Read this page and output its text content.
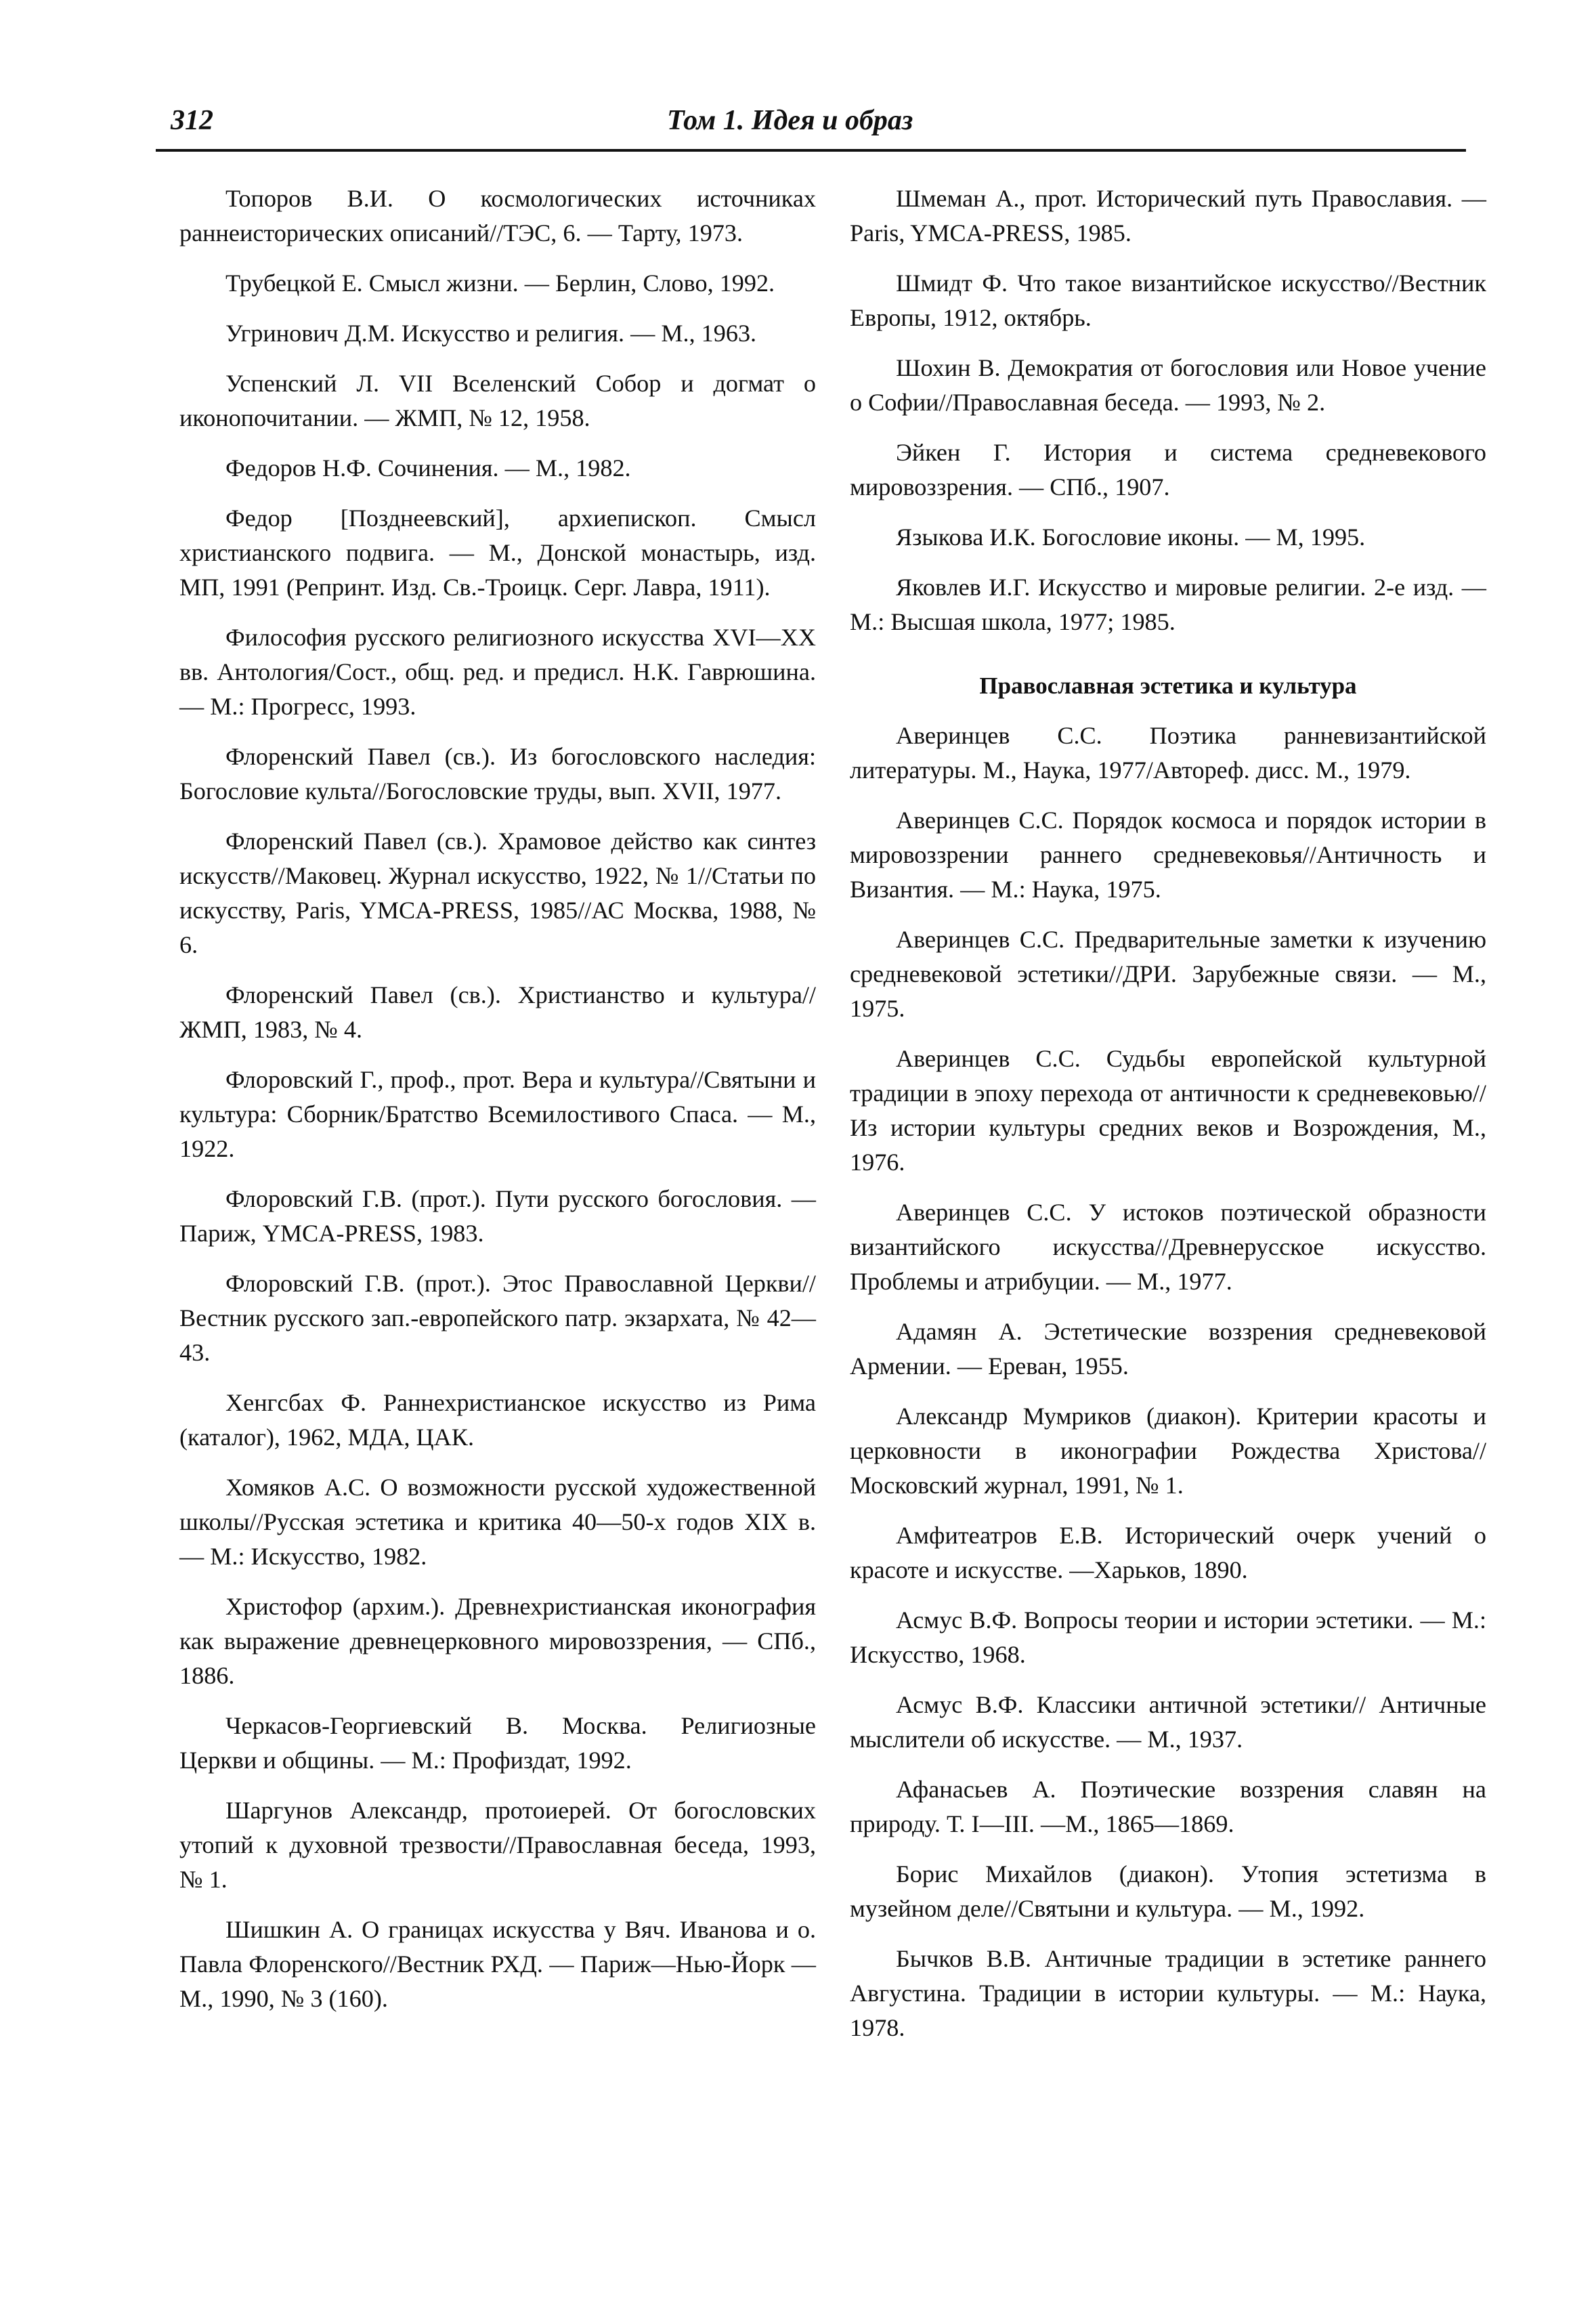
312	Том 1. Идея и образ

Топоров В.И. О космологических источниках раннеисторических описаний//ТЭС, 6. — Тарту, 1973.

Трубецкой Е. Смысл жизни. — Берлин, Слово, 1992.

Угринович Д.М. Искусство и религия. — М., 1963.

Успенский Л. VII Вселенский Собор и догмат о иконопочитании. — ЖМП, № 12, 1958.

Федоров Н.Ф. Сочинения. — М., 1982.

Федор [Позднеевский], архиепископ. Смысл христианского подвига. — М., Донской монастырь, изд. МП, 1991 (Репринт. Изд. Св.-Троицк. Серг. Лавра, 1911).

Философия русского религиозного искусства XVI—XX вв. Антология/Сост., общ. ред. и предисл. Н.К. Гаврюшина. — М.: Прогресс, 1993.

Флоренский Павел (св.). Из богословского наследия: Богословие культа//Богословские труды, вып. XVII, 1977.

Флоренский Павел (св.). Храмовое действо как синтез искусств//Маковец. Журнал искусство, 1922, № 1//Статьи по искусству, Paris, YMCA-PRESS, 1985//АС Москва, 1988, № 6.

Флоренский Павел (св.). Христианство и культура//ЖМП, 1983, № 4.

Флоровский Г., проф., прот. Вера и культура//Святыни и культура: Сборник/Братство Всемилостивого Спаса. — М., 1922.

Флоровский Г.В. (прот.). Пути русского богословия. — Париж, YMCA-PRESS, 1983.

Флоровский Г.В. (прот.). Этос Православной Церкви//Вестник русского зап.-европейского патр. экзархата, № 42—43.

Хенгсбах Ф. Раннехристианское искусство из Рима (каталог), 1962, МДА, ЦАК.

Хомяков А.С. О возможности русской художественной школы//Русская эстетика и критика 40—50-х годов XIX в. — М.: Искусство, 1982.

Христофор (архим.). Древнехристианская иконография как выражение древнецерковного мировоззрения, — СПб., 1886.

Черкасов-Георгиевский В. Москва. Религиозные Церкви и общины. — М.: Профиздат, 1992.

Шаргунов Александр, протоиерей. От богословских утопий к духовной трезвости//Православная беседа, 1993, № 1.

Шишкин А. О границах искусства у Вяч. Иванова и о. Павла Флоренского//Вестник РХД. — Париж—Нью-Йорк — М., 1990, № 3 (160).

Шмеман А., прот. Исторический путь Православия. — Paris, YMCA-PRESS, 1985.

Шмидт Ф. Что такое византийское искусство//Вестник Европы, 1912, октябрь.

Шохин В. Демократия от богословия или Новое учение о Софии//Православная беседа. — 1993, № 2.

Эйкен Г. История и система средневекового мировоззрения. — СПб., 1907.

Языкова И.К. Богословие иконы. — М, 1995.

Яковлев И.Г. Искусство и мировые религии. 2-е изд. — М.: Высшая школа, 1977; 1985.

Православная эстетика и культура

Аверинцев С.С. Поэтика ранневизантийской литературы. М., Наука, 1977/Автореф. дисс. М., 1979.

Аверинцев С.С. Порядок космоса и порядок истории в мировоззрении раннего средневековья//Античность и Византия. — М.: Наука, 1975.

Аверинцев С.С. Предварительные заметки к изучению средневековой эстетики//ДРИ. Зарубежные связи. — М., 1975.

Аверинцев С.С. Судьбы европейской культурной традиции в эпоху перехода от античности к средневековью//Из истории культуры средних веков и Возрождения, М., 1976.

Аверинцев С.С. У истоков поэтической образности византийского искусства//Древнерусское искусство. Проблемы и атрибуции. — М., 1977.

Адамян А. Эстетические воззрения средневековой Армении. — Ереван, 1955.

Александр Мумриков (диакон). Критерии красоты и церковности в иконографии Рождества Христова//Московский журнал, 1991, № 1.

Амфитеатров Е.В. Исторический очерк учений о красоте и искусстве. —Харьков, 1890.

Асмус В.Ф. Вопросы теории и истории эстетики. — М.: Искусство, 1968.

Асмус В.Ф. Классики античной эстетики// Античные мыслители об искусстве. — М., 1937.

Афанасьев А. Поэтические воззрения славян на природу. Т. I—III. —М., 1865—1869.

Борис Михайлов (диакон). Утопия эстетизма в музейном деле//Святыни и культура. — М., 1992.

Бычков В.В. Античные традиции в эстетике раннего Августина. Традиции в истории культуры. — М.: Наука, 1978.
